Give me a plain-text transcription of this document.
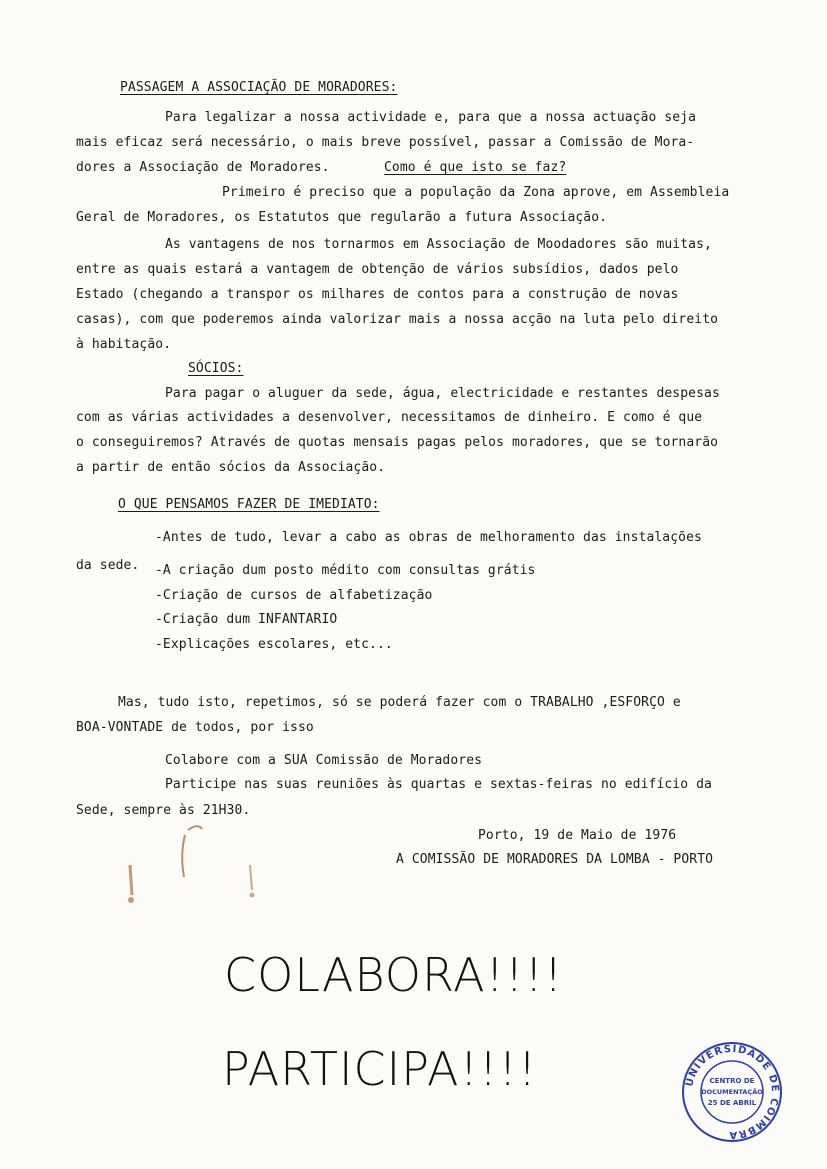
PASSAGEM A ASSOCIAÇÃO DE MORADORES:
Para legalizar a nossa actividade e, para que a nossa actuação seja
mais eficaz será necessário, o mais breve possível, passar a Comissão de Mora-
dores a Associação de Moradores.	Como é que isto se faz?
Primeiro é preciso que a população da Zona aprove, em Assembleia
Geral de Moradores, os Estatutos que regularão a futura Associação.
As vantagens de nos tornarmos em Associação de Moodadores são muitas,
entre as quais estará a vantagem de obtenção de vários subsídios, dados pelo
Estado (chegando a transpor os milhares de contos para a construção de novas
casas), com que poderemos ainda valorizar mais a nossa acção na luta pelo direito
à habitação.
SÓCIOS:
Para pagar o aluguer da sede, água, electricidade e restantes despesas
com as várias actividades a desenvolver, necessitamos de dinheiro. E como é que
o conseguiremos? Através de quotas mensais pagas pelos moradores, que se tornarão
a partir de então sócios da Associação.
O QUE PENSAMOS FAZER DE IMEDIATO:
-Antes de tudo, levar a cabo as obras de melhoramento das instalações
da sede. -A criação dum posto médito com consultas grátis
-Criação de cursos de alfabetização
-Criação dum INFANTARIO
-Explicações escolares, etc...
Mas, tudo isto, repetimos, só se poderá fazer com o TRABALHO ,ESFORÇO e
BOA-VONTADE de todos, por isso
Colabore com a SUA Comissão de Moradores
Participe nas suas reuniões às quartas e sextas-feiras no edifício da
Sede, sempre às 21H30.
Porto, 19 de Maio de 1976
A COMISSÃO DE MORADORES DA LOMBA - PORTO
COLABORA!!!!
PARTICIPA!!!!	UNIVERSIDADE DE COIMBRA
CENTRO DE
DOCUMENTAÇÃO
25 DE ABRIL
